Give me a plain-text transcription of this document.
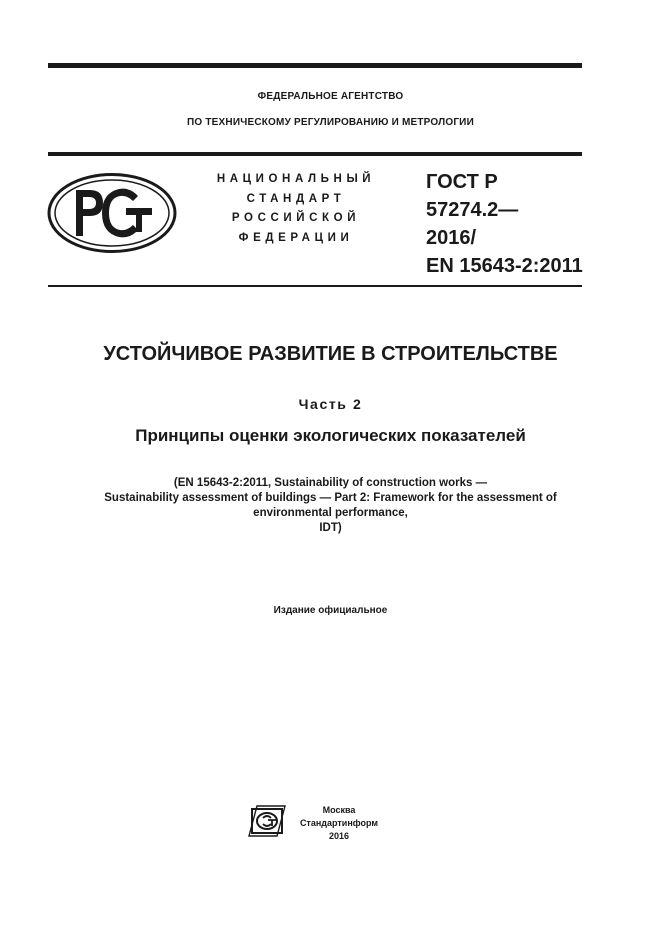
ФЕДЕРАЛЬНОЕ АГЕНТСТВО
ПО ТЕХНИЧЕСКОМУ РЕГУЛИРОВАНИЮ И МЕТРОЛОГИИ
НАЦИОНАЛЬНЫЙ
СТАНДАРТ
РОССИЙСКОЙ
ФЕДЕРАЦИИ
ГОСТ Р
57274.2—
2016/
EN 15643-2:2011
УСТОЙЧИВОЕ РАЗВИТИЕ В СТРОИТЕЛЬСТВЕ
Часть 2
Принципы оценки экологических показателей
(EN 15643-2:2011, Sustainability of construction works —
Sustainability assessment of buildings — Part 2: Framework for the assessment of
environmental performance,
IDT)
Издание официальное
Москва
Стандартинформ
2016
